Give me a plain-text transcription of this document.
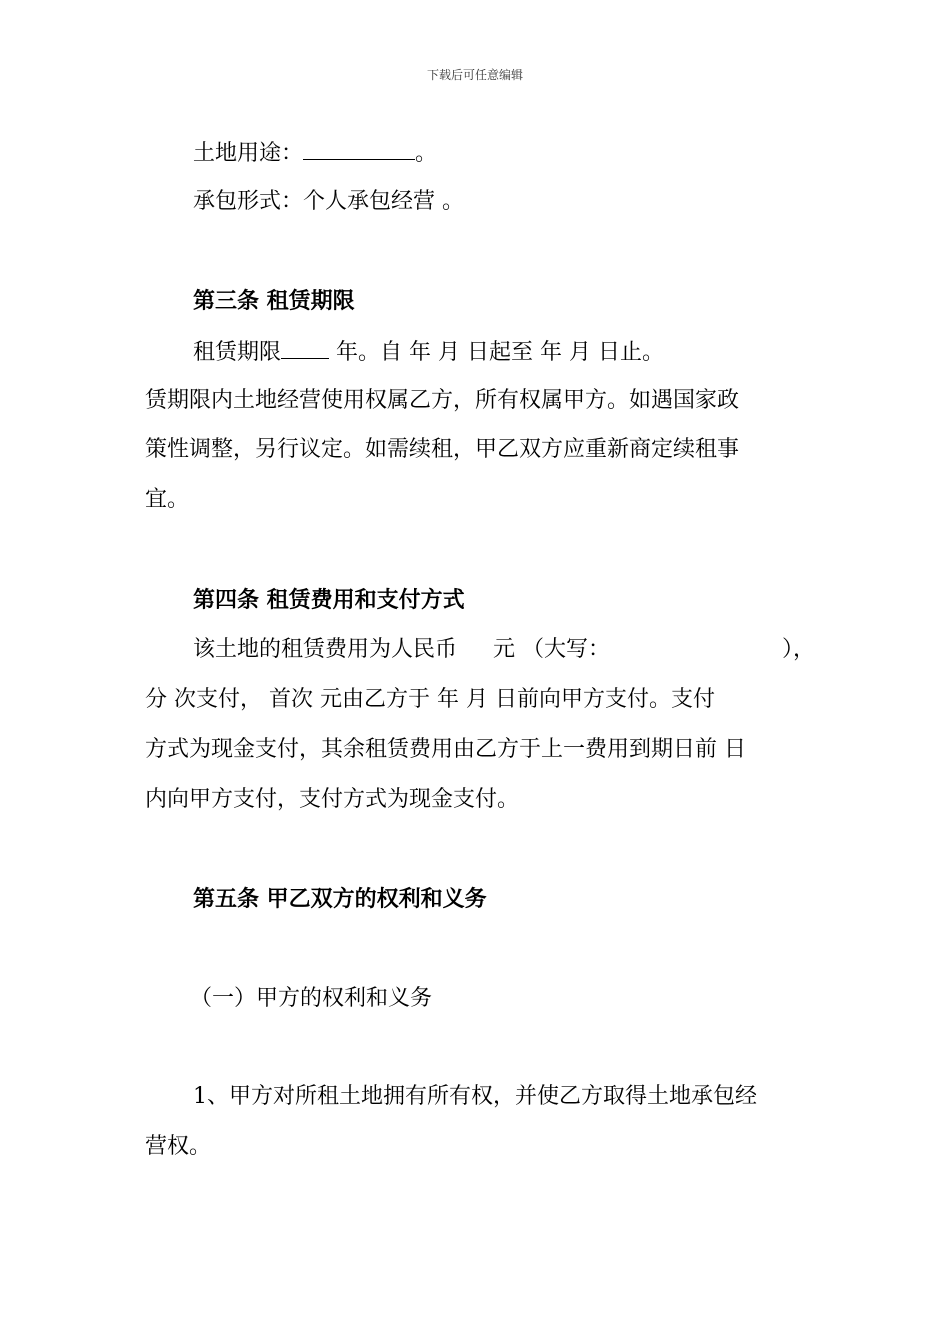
下载后可任意编辑
土地用途：	。
承包形式：个人承包经营 。
第三条 租赁期限
租赁期限 年。自 年 月 日起至 年 月 日止。
赁期限内土地经营使用权属乙方，所有权属甲方。如遇国家政
策性调整，另行议定。如需续租，甲乙双方应重新商定续租事
宜。
第四条 租赁费用和支付方式
该土地的租赁费用为人民币 元 （大写：	），
分 次支付， 首次 元由乙方于 年 月 日前向甲方支付。支付
方式为现金支付，其余租赁费用由乙方于上一费用到期日前 日
内向甲方支付，支付方式为现金支付。
第五条 甲乙双方的权利和义务
（一）甲方的权利和义务
1、甲方对所租土地拥有所有权，并使乙方取得土地承包经
营权。
